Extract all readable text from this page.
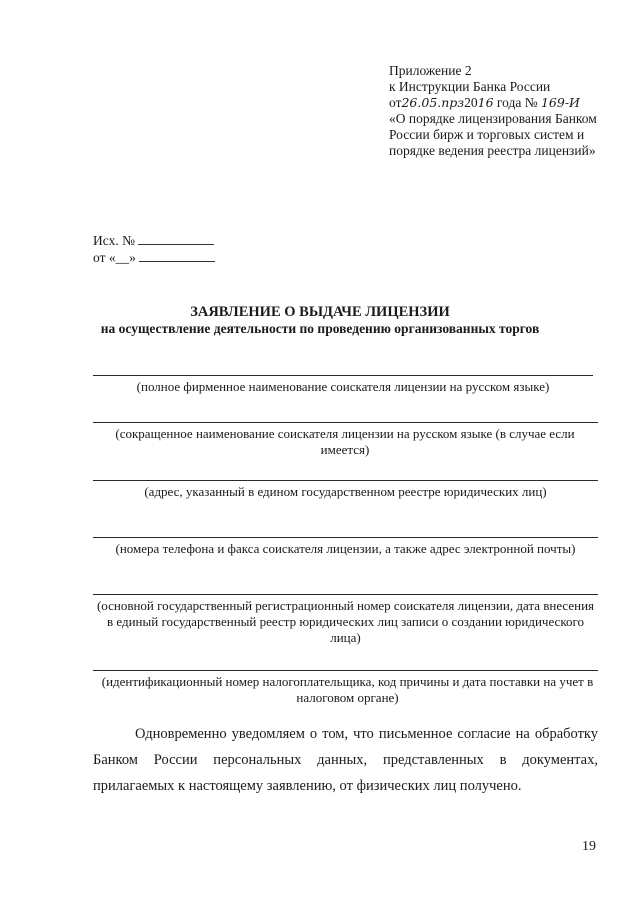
Приложение 2
к Инструкции Банка России
от26.05.прз2016 года № 169-И
«О порядке лицензирования Банком
России бирж и торговых систем и
порядке ведения реестра лицензий»
Исх. №
от «__»
ЗАЯВЛЕНИЕ О ВЫДАЧЕ ЛИЦЕНЗИИ
на осуществление деятельности по проведению организованных торгов
(полное фирменное наименование соискателя лицензии на русском языке)
(сокращенное наименование соискателя лицензии на русском языке (в случае если имеется)
(адрес, указанный в едином государственном реестре юридических лиц)
(номера телефона и факса соискателя лицензии, а также адрес электронной почты)
(основной государственный регистрационный номер соискателя лицензии, дата внесения в единый государственный реестр юридических лиц записи о создании юридического лица)
(идентификационный номер налогоплательщика, код причины и дата поставки на учет в налоговом органе)
Одновременно уведомляем о том, что письменное согласие на обработку Банком России персональных данных, представленных в документах, прилагаемых к настоящему заявлению, от физических лиц получено.
19
